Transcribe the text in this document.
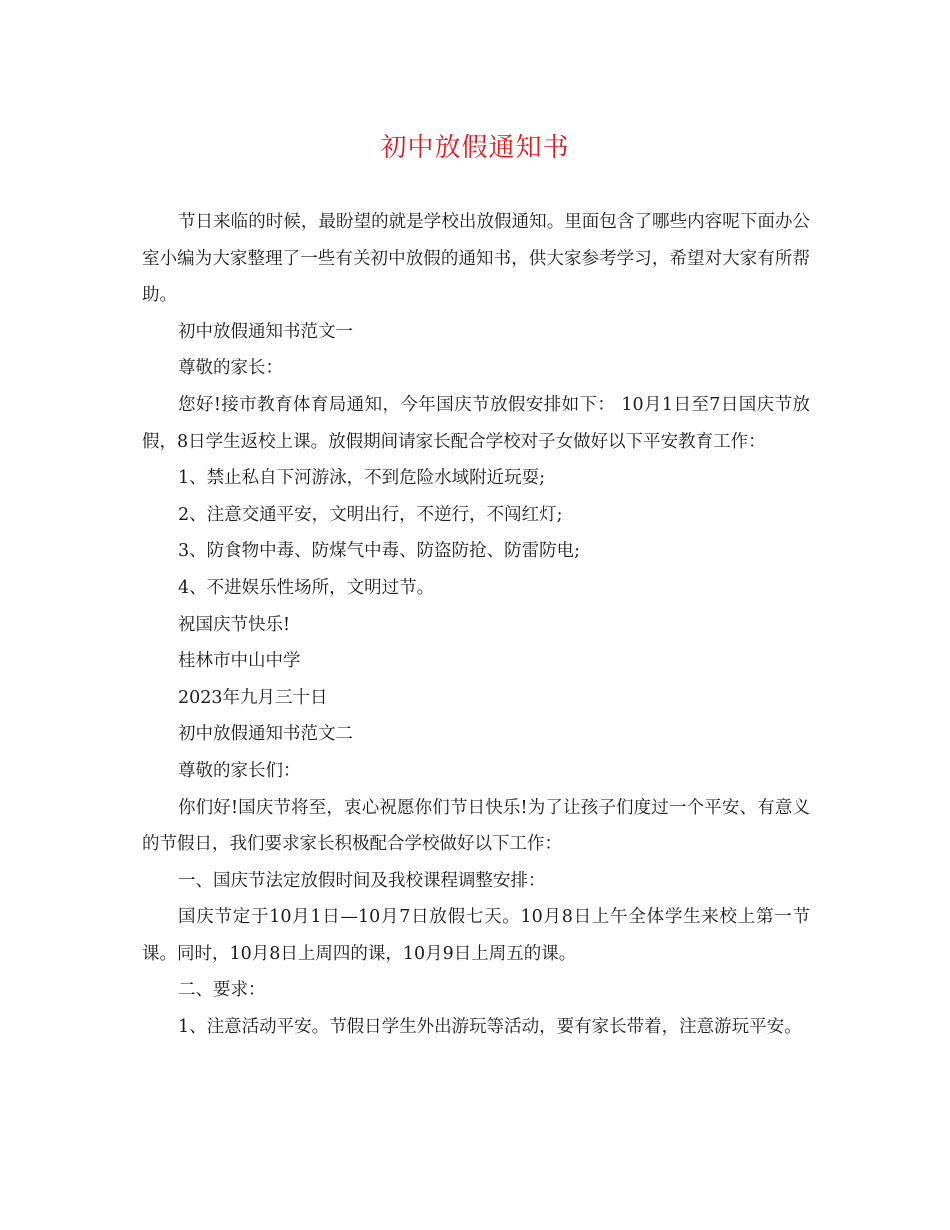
初中放假通知书

节日来临的时候，最盼望的就是学校出放假通知。里面包含了哪些内容呢下面办公室小编为大家整理了一些有关初中放假的通知书，供大家参考学习，希望对大家有所帮助。

初中放假通知书范文一

尊敬的家长：

您好!接市教育体育局通知，今年国庆节放假安排如下： 10月1日至7日国庆节放假，8日学生返校上课。放假期间请家长配合学校对子女做好以下平安教育工作：

1、禁止私自下河游泳，不到危险水域附近玩耍;

2、注意交通平安，文明出行，不逆行，不闯红灯;

3、防食物中毒、防煤气中毒、防盗防抢、防雷防电;

4、不进娱乐性场所，文明过节。

祝国庆节快乐!

桂林市中山中学

2023年九月三十日

初中放假通知书范文二

尊敬的家长们：

你们好!国庆节将至，衷心祝愿你们节日快乐!为了让孩子们度过一个平安、有意义的节假日，我们要求家长积极配合学校做好以下工作：

一、国庆节法定放假时间及我校课程调整安排：

国庆节定于10月1日—10月7日放假七天。10月8日上午全体学生来校上第一节课。同时，10月8日上周四的课，10月9日上周五的课。

二、要求：

1、注意活动平安。节假日学生外出游玩等活动，要有家长带着，注意游玩平安。
